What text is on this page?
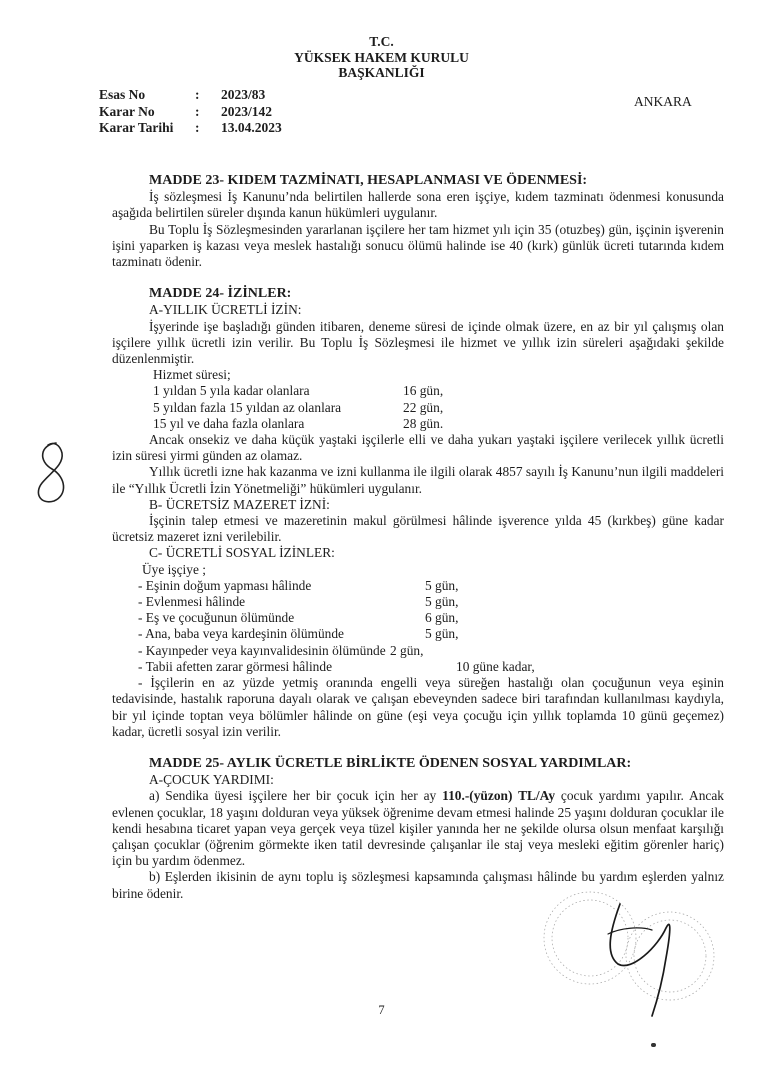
T.C.
YÜKSEK HAKEM KURULU
BAŞKANLIĞI
Esas No	:	2023/83
Karar No	:	2023/142
Karar Tarihi	:	13.04.2023
ANKARA
MADDE 23- KIDEM TAZMİNATI, HESAPLANMASI VE ÖDENMESİ:

İş sözleşmesi İş Kanunu’nda belirtilen hallerde sona eren işçiye, kıdem tazminatı ödenmesi konusunda aşağıda belirtilen süreler dışında kanun hükümleri uygulanır.

Bu Toplu İş Sözleşmesinden yararlanan işçilere her tam hizmet yılı için 35 (otuzbeş) gün, işçinin işverenin işini yaparken iş kazası veya meslek hastalığı sonucu ölümü halinde ise 40 (kırk) günlük ücreti tutarında kıdem tazminatı ödenir.

MADDE 24- İZİNLER:
A-YILLIK ÜCRETLİ İZİN:

İşyerinde işe başladığı günden itibaren, deneme süresi de içinde olmak üzere, en az bir yıl çalışmış olan işçilere yıllık ücretli izin verilir. Bu Toplu İş Sözleşmesi ile hizmet ve yıllık izin süreleri aşağıdaki şekilde düzenlenmiştir.

Hizmet süresi;
1 yıldan 5 yıla kadar olanlara	16 gün,
5 yıldan fazla 15 yıldan az olanlara	22 gün,
15 yıl ve daha fazla olanlara	28 gün.

Ancak onsekiz ve daha küçük yaştaki işçilerle elli ve daha yukarı yaştaki işçilere verilecek yıllık ücretli izin süresi yirmi günden az olamaz.

Yıllık ücretli izne hak kazanma ve izni kullanma ile ilgili olarak 4857 sayılı İş Kanunu’nun ilgili maddeleri ile “Yıllık Ücretli İzin Yönetmeliği” hükümleri uygulanır.

B- ÜCRETSİZ MAZERET İZNİ:

İşçinin talep etmesi ve mazeretinin makul görülmesi hâlinde işverence yılda 45 (kırkbeş) güne kadar ücretsiz mazeret izni verilebilir.

C- ÜCRETLİ SOSYAL İZİNLER:
Üye işçiye ;
- Eşinin doğum yapması hâlinde	5 gün,
- Evlenmesi hâlinde	5 gün,
- Eş ve çocuğunun ölümünde	6 gün,
- Ana, baba veya kardeşinin ölümünde	5 gün,
- Kayınpeder veya kayınvalidesinin ölümünde 2 gün,
- Tabii afetten zarar görmesi hâlinde	10 güne kadar,

- İşçilerin en az yüzde yetmiş oranında engelli veya süreğen hastalığı olan çocuğunun veya eşinin tedavisinde, hastalık raporuna dayalı olarak ve çalışan ebeveynden sadece biri tarafından kullanılması kaydıyla, bir yıl içinde toptan veya bölümler hâlinde on güne (eşi veya çocuğu için yıllık toplamda 10 günü geçemez) kadar, ücretli sosyal izin verilir.

MADDE 25- AYLIK ÜCRETLE BİRLİKTE ÖDENEN SOSYAL YARDIMLAR:
A-ÇOCUK YARDIMI:

a) Sendika üyesi işçilere her bir çocuk için her ay 110.-(yüzon) TL/Ay çocuk yardımı yapılır. Ancak evlenen çocuklar, 18 yaşını dolduran veya yüksek öğrenime devam etmesi halinde 25 yaşını dolduran çocuklar ile kendi hesabına ticaret yapan veya gerçek veya tüzel kişiler yanında her ne şekilde olursa olsun menfaat karşılığı çalışan çocuklar (öğrenim görmekte iken tatil devresinde çalışanlar ile staj veya mesleki eğitim görenler hariç) için bu yardım ödenmez.

b) Eşlerden ikisinin de aynı toplu iş sözleşmesi kapsamında çalışması hâlinde bu yardım eşlerden yalnız birine ödenir.

7
